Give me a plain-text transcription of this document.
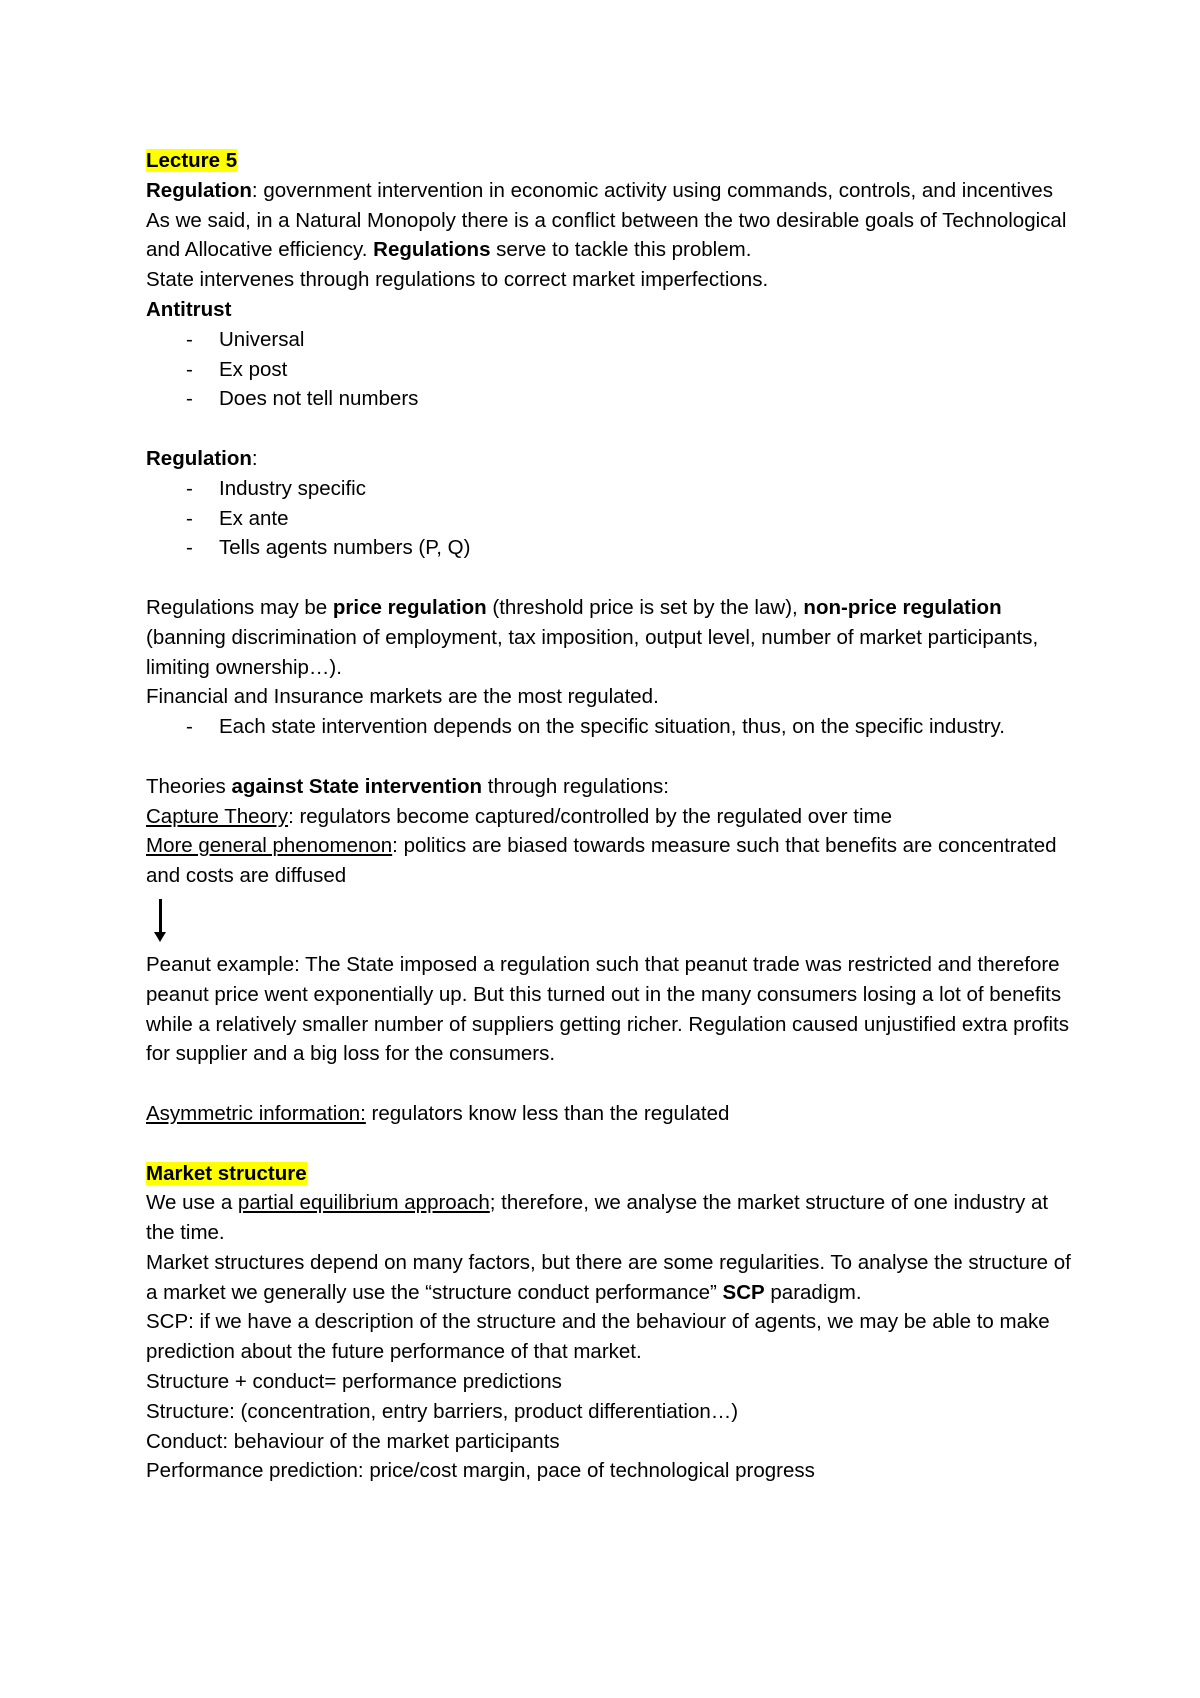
Lecture 5
Regulation: government intervention in economic activity using commands, controls, and incentives
As we said, in a Natural Monopoly there is a conflict between the two desirable goals of Technological and Allocative efficiency. Regulations serve to tackle this problem.
State intervenes through regulations to correct market imperfections.
Antitrust
- Universal
- Ex post
- Does not tell numbers
Regulation:
- Industry specific
- Ex ante
- Tells agents numbers (P, Q)
Regulations may be price regulation (threshold price is set by the law), non-price regulation (banning discrimination of employment, tax imposition, output level, number of market participants, limiting ownership…).
Financial and Insurance markets are the most regulated.
- Each state intervention depends on the specific situation, thus, on the specific industry.
Theories against State intervention through regulations:
Capture Theory: regulators become captured/controlled by the regulated over time
More general phenomenon: politics are biased towards measure such that benefits are concentrated and costs are diffused
Peanut example: The State imposed a regulation such that peanut trade was restricted and therefore peanut price went exponentially up. But this turned out in the many consumers losing a lot of benefits while a relatively smaller number of suppliers getting richer. Regulation caused unjustified extra profits for supplier and a big loss for the consumers.
Asymmetric information: regulators know less than the regulated
Market structure
We use a partial equilibrium approach; therefore, we analyse the market structure of one industry at the time.
Market structures depend on many factors, but there are some regularities. To analyse the structure of a market we generally use the “structure conduct performance” SCP paradigm.
SCP: if we have a description of the structure and the behaviour of agents, we may be able to make prediction about the future performance of that market.
Structure + conduct= performance predictions
Structure: (concentration, entry barriers, product differentiation…)
Conduct: behaviour of the market participants
Performance prediction: price/cost margin, pace of technological progress
